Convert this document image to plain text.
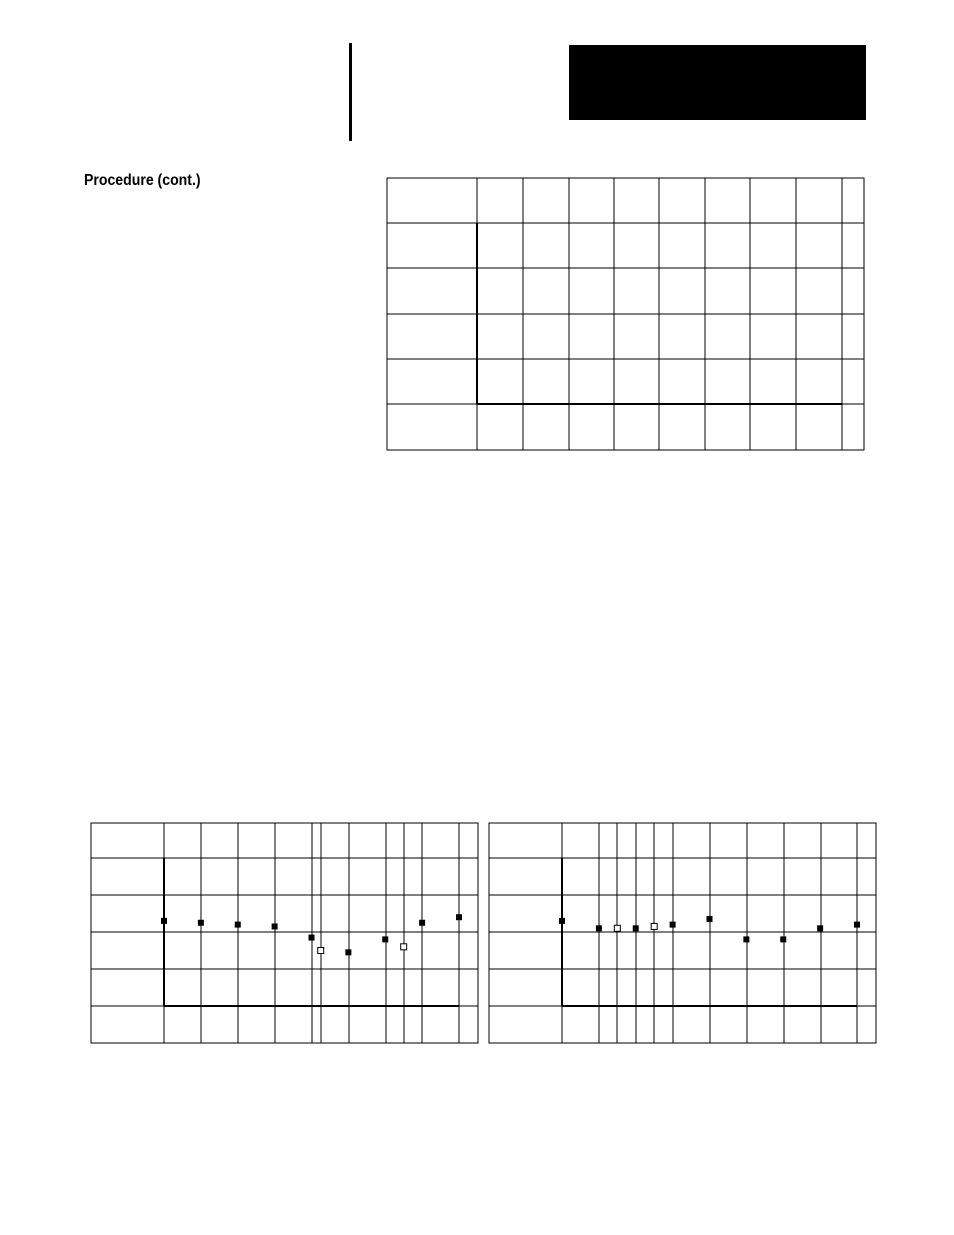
Procedure (cont.)
